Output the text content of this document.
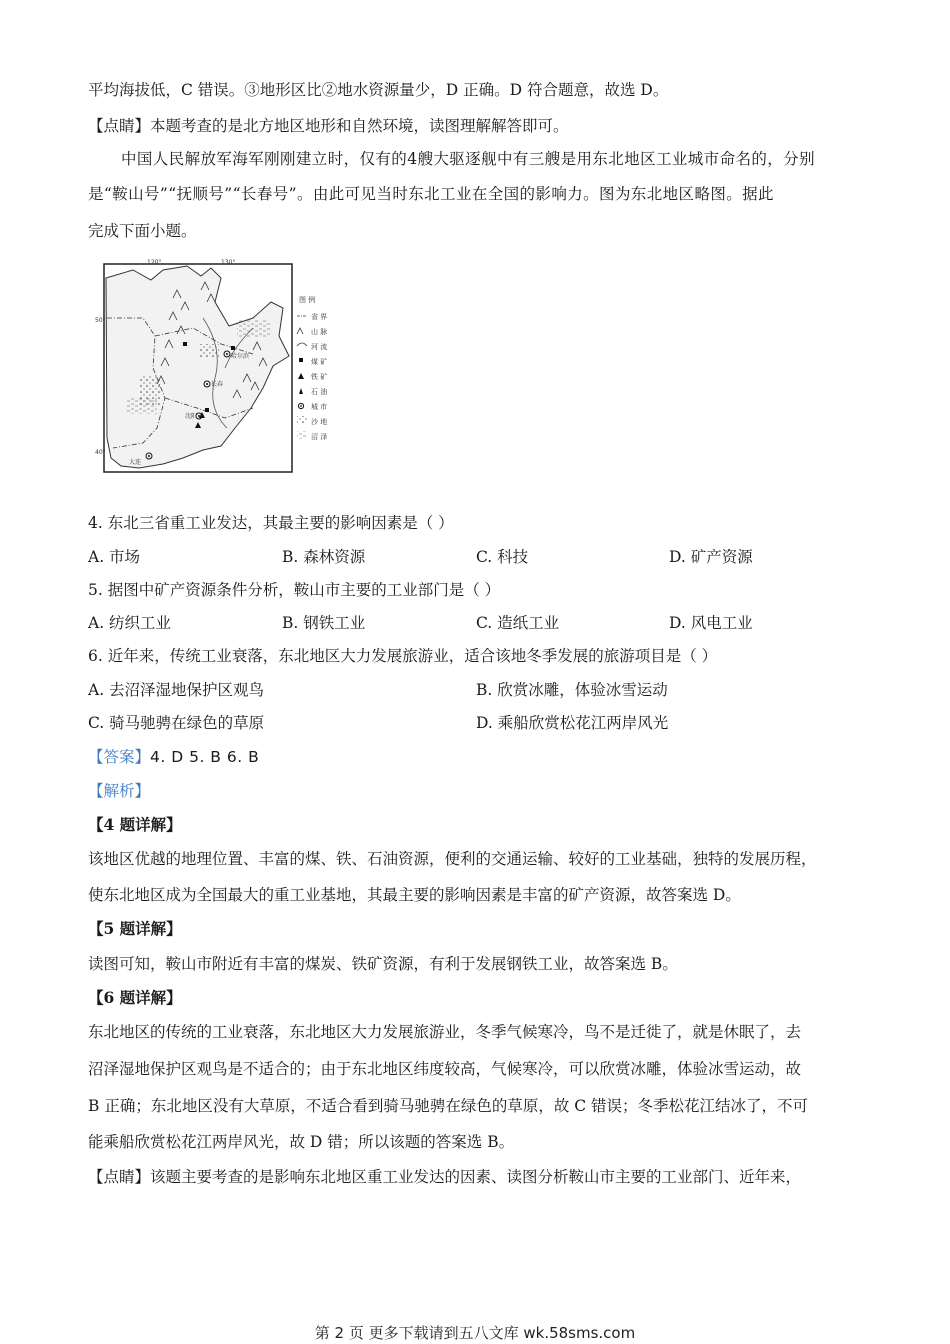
平均海拔低，C 错误。③地形区比②地水资源量少，D 正确。D 符合题意，故选 D。
【点睛】本题考查的是北方地区地形和自然环境，读图理解解答即可。
中国人民解放军海军刚刚建立时，仅有的4艘大驱逐舰中有三艘是用东北地区工业城市命名的，分别
是“鞍山号”“抚顺号”“长春号”。由此可见当时东北工业在全国的影响力。图为东北地区略图。据此
完成下面小题。
120°	130°
50°
40°
哈尔滨
长春
沈阳
大连
图 例
省 界
山 脉
河 流
煤 矿
铁 矿
石 油
城 市
沙 地
沼 泽
4. 东北三省重工业发达，其最主要的影响因素是（ ）
A. 市场	B. 森林资源	C. 科技	D. 矿产资源
5. 据图中矿产资源条件分析，鞍山市主要的工业部门是（ ）
A. 纺织工业	B. 钢铁工业	C. 造纸工业	D. 风电工业
6. 近年来，传统工业衰落，东北地区大力发展旅游业，适合该地冬季发展的旅游项目是（ ）
A. 去沼泽湿地保护区观鸟	B. 欣赏冰雕，体验冰雪运动
C. 骑马驰骋在绿色的草原	D. 乘船欣赏松花江两岸风光
【答案】4. D 5. B 6. B
【解析】
【4 题详解】
该地区优越的地理位置、丰富的煤、铁、石油资源，便利的交通运输、较好的工业基础，独特的发展历程，
使东北地区成为全国最大的重工业基地，其最主要的影响因素是丰富的矿产资源，故答案选 D。
【5 题详解】
读图可知，鞍山市附近有丰富的煤炭、铁矿资源，有利于发展钢铁工业，故答案选 B。
【6 题详解】
东北地区的传统的工业衰落，东北地区大力发展旅游业，冬季气候寒冷，鸟不是迁徙了，就是休眠了，去
沼泽湿地保护区观鸟是不适合的；由于东北地区纬度较高，气候寒冷，可以欣赏冰雕，体验冰雪运动，故
B 正确；东北地区没有大草原，不适合看到骑马驰骋在绿色的草原，故 C 错误；冬季松花江结冰了，不可
能乘船欣赏松花江两岸风光，故 D 错；所以该题的答案选 B。
【点睛】该题主要考查的是影响东北地区重工业发达的因素、读图分析鞍山市主要的工业部门、近年来，
第 2 页 更多下载请到五八文库 wk.58sms.com
